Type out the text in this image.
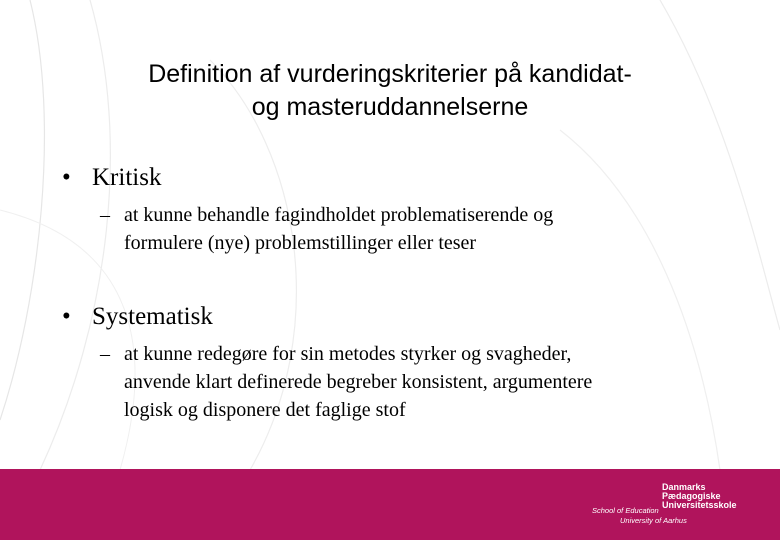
Definition af vurderingskriterier på kandidat-
og masteruddannelserne
• Kritisk
– at kunne behandle fagindholdet problematiserende og
formulere (nye) problemstillinger eller teser
• Systematisk
– at kunne redegøre for sin metodes styrker og svagheder,
anvende klart definerede begreber konsistent, argumentere
logisk og disponere det faglige stof
Danmarks
Pædagogiske
Universitetsskole
School of Education
University of Aarhus
